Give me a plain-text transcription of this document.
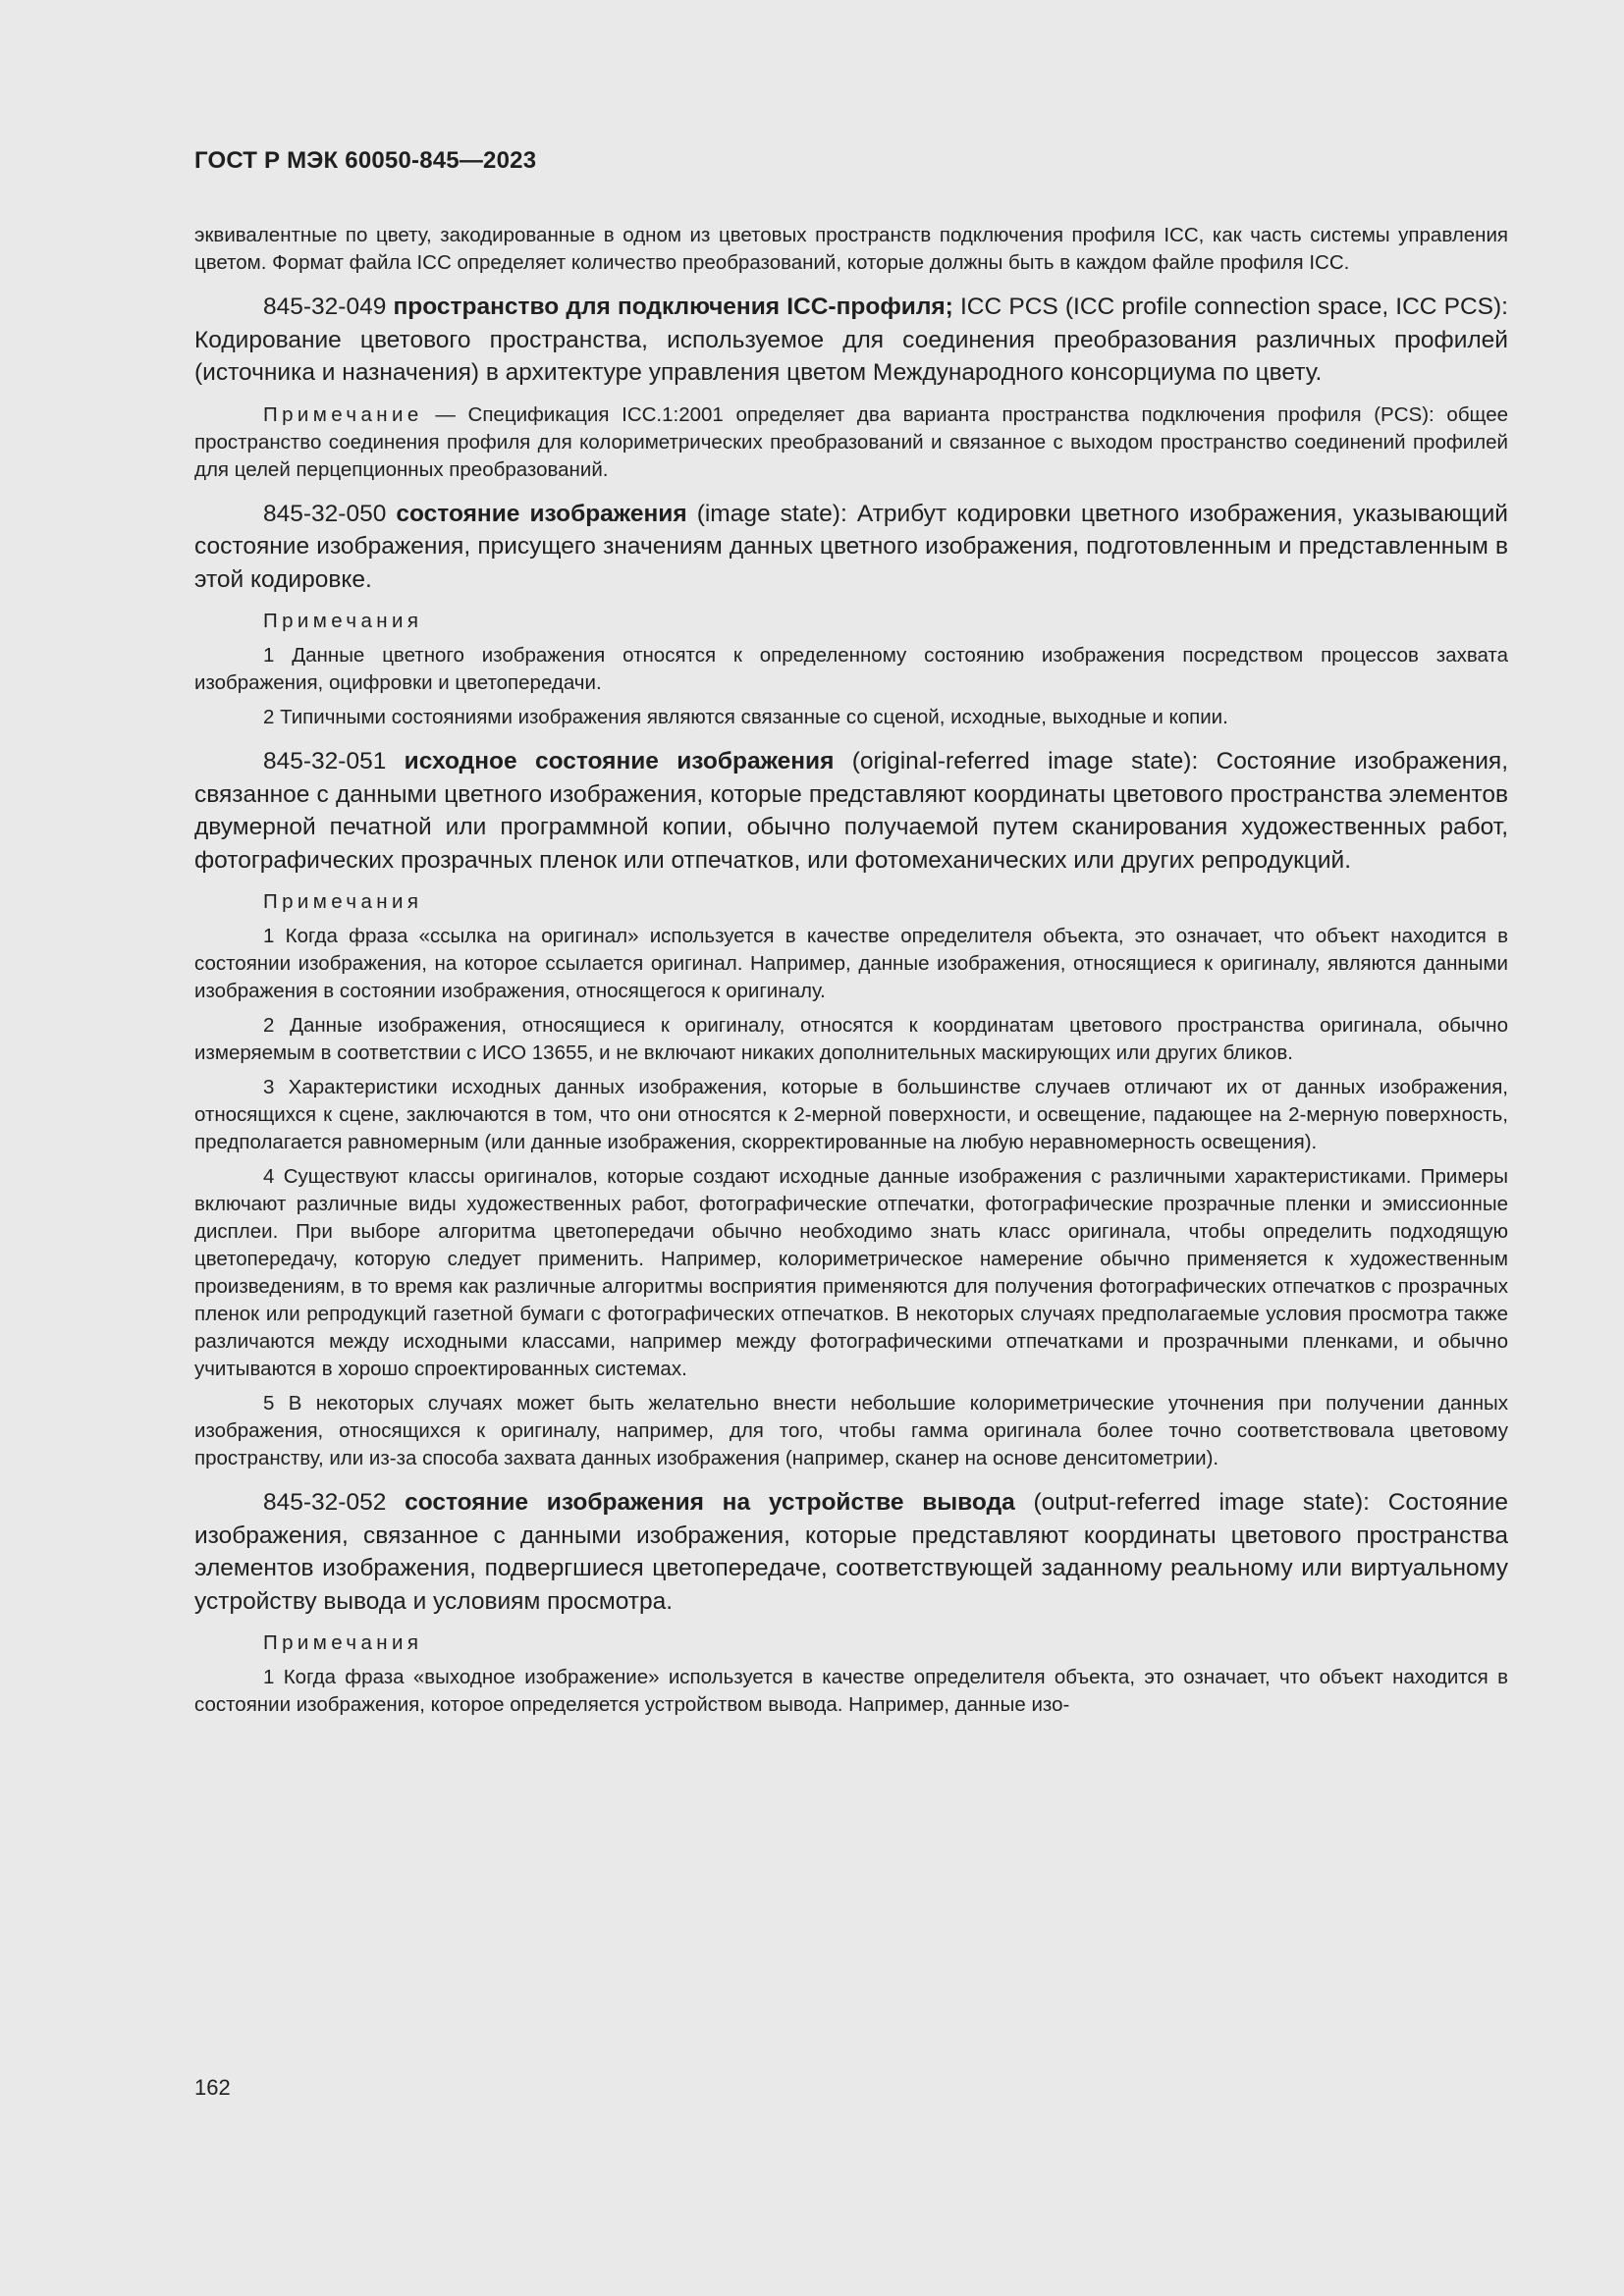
ГОСТ Р МЭК 60050-845—2023

эквивалентные по цвету, закодированные в одном из цветовых пространств подключения профиля ICC, как часть системы управления цветом. Формат файла ICC определяет количество преобразований, которые должны быть в каждом файле профиля ICC.

845-32-049 пространство для подключения ICC-профиля; ICC PCS (ICC profile connection space, ICC PCS): Кодирование цветового пространства, используемое для соединения преобразования различных профилей (источника и назначения) в архитектуре управления цветом Международного консорциума по цвету.

Примечание — Спецификация ICC.1:2001 определяет два варианта пространства подключения профиля (PCS): общее пространство соединения профиля для колориметрических преобразований и связанное с выходом пространство соединений профилей для целей перцепционных преобразований.

845-32-050 состояние изображения (image state): Атрибут кодировки цветного изображения, указывающий состояние изображения, присущего значениям данных цветного изображения, подготовленным и представленным в этой кодировке.

Примечания

1 Данные цветного изображения относятся к определенному состоянию изображения посредством процессов захвата изображения, оцифровки и цветопередачи.

2 Типичными состояниями изображения являются связанные со сценой, исходные, выходные и копии.

845-32-051 исходное состояние изображения (original-referred image state): Состояние изображения, связанное с данными цветного изображения, которые представляют координаты цветового пространства элементов двумерной печатной или программной копии, обычно получаемой путем сканирования художественных работ, фотографических прозрачных пленок или отпечатков, или фотомеханических или других репродукций.

Примечания

1 Когда фраза «ссылка на оригинал» используется в качестве определителя объекта, это означает, что объект находится в состоянии изображения, на которое ссылается оригинал. Например, данные изображения, относящиеся к оригиналу, являются данными изображения в состоянии изображения, относящегося к оригиналу.

2 Данные изображения, относящиеся к оригиналу, относятся к координатам цветового пространства оригинала, обычно измеряемым в соответствии с ИСО 13655, и не включают никаких дополнительных маскирующих или других бликов.

3 Характеристики исходных данных изображения, которые в большинстве случаев отличают их от данных изображения, относящихся к сцене, заключаются в том, что они относятся к 2-мерной поверхности, и освещение, падающее на 2-мерную поверхность, предполагается равномерным (или данные изображения, скорректированные на любую неравномерность освещения).

4 Существуют классы оригиналов, которые создают исходные данные изображения с различными характеристиками. Примеры включают различные виды художественных работ, фотографические отпечатки, фотографические прозрачные пленки и эмиссионные дисплеи. При выборе алгоритма цветопередачи обычно необходимо знать класс оригинала, чтобы определить подходящую цветопередачу, которую следует применить. Например, колориметрическое намерение обычно применяется к художественным произведениям, в то время как различные алгоритмы восприятия применяются для получения фотографических отпечатков с прозрачных пленок или репродукций газетной бумаги с фотографических отпечатков. В некоторых случаях предполагаемые условия просмотра также различаются между исходными классами, например между фотографическими отпечатками и прозрачными пленками, и обычно учитываются в хорошо спроектированных системах.

5 В некоторых случаях может быть желательно внести небольшие колориметрические уточнения при получении данных изображения, относящихся к оригиналу, например, для того, чтобы гамма оригинала более точно соответствовала цветовому пространству, или из-за способа захвата данных изображения (например, сканер на основе денситометрии).

845-32-052 состояние изображения на устройстве вывода (output-referred image state): Состояние изображения, связанное с данными изображения, которые представляют координаты цветового пространства элементов изображения, подвергшиеся цветопередаче, соответствующей заданному реальному или виртуальному устройству вывода и условиям просмотра.

Примечания

1 Когда фраза «выходное изображение» используется в качестве определителя объекта, это означает, что объект находится в состоянии изображения, которое определяется устройством вывода. Например, данные изо-

162
